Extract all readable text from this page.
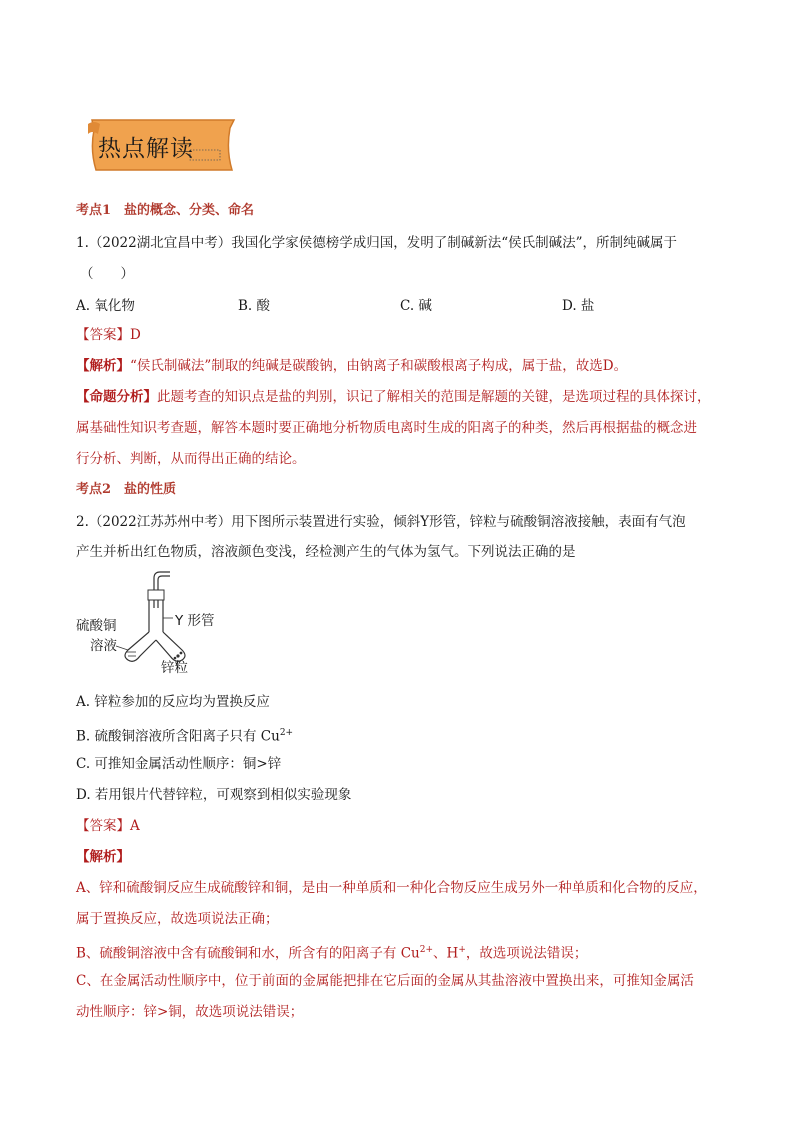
热点解读
考点1　盐的概念、分类、命名
1.（2022湖北宜昌中考）我国化学家侯德榜学成归国，发明了制碱新法“侯氏制碱法”，所制纯碱属于
（　　）
A. 氧化物	B. 酸	C. 碱	D. 盐
【答案】D
【解析】“侯氏制碱法”制取的纯碱是碳酸钠，由钠离子和碳酸根离子构成，属于盐，故选D。
【命题分析】此题考查的知识点是盐的判别，识记了解相关的范围是解题的关键，是选项过程的具体探讨，
属基础性知识考查题，解答本题时要正确地分析物质电离时生成的阳离子的种类，然后再根据盐的概念进
行分析、判断，从而得出正确的结论。
考点2　盐的性质
2.（2022江苏苏州中考）用下图所示装置进行实验，倾斜Y形管，锌粒与硫酸铜溶液接触，表面有气泡
产生并析出红色物质，溶液颜色变浅，经检测产生的气体为氢气。下列说法正确的是
硫酸铜
溶液
Y 形管
锌粒
A. 锌粒参加的反应均为置换反应
B. 硫酸铜溶液所含阳离子只有 $Cu^{2+}$
C. 可推知金属活动性顺序：铜>锌
D. 若用银片代替锌粒，可观察到相似实验现象
【答案】A
【解析】
A、锌和硫酸铜反应生成硫酸锌和铜，是由一种单质和一种化合物反应生成另外一种单质和化合物的反应，
属于置换反应，故选项说法正确；
B、硫酸铜溶液中含有硫酸铜和水，所含有的阳离子有 $Cu^{2+}$、H+，故选项说法错误；
C、在金属活动性顺序中，位于前面的金属能把排在它后面的金属从其盐溶液中置换出来，可推知金属活
动性顺序：锌>铜，故选项说法错误；
